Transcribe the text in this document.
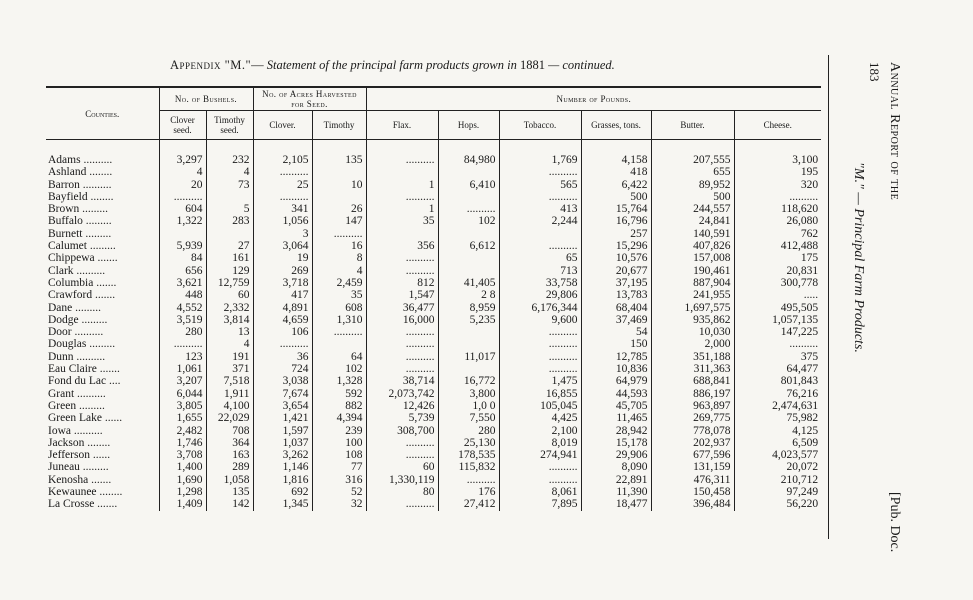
Appendix "M."— Statement of the principal farm products grown in 1881 — continued.
Counties.	No. of Bushels.		No. of Acres Harvested for Seed.		Number of Pounds.					
	Clover seed.	Timothy seed.	Clover.	Timothy	Flax.	Hops.	Tobacco.	Grasses, tons.	Butter.	Cheese.
Adams ..........	3,297	232	2,105	135	..........	84,980	1,769	4,158	207,555	3,100
Ashland ........	4	4	..........				..........	418	655	195
Barron ..........	20	73	25	10	1	6,410	565	6,422	89,952	320
Bayfield ........	..........		..........		..........		..........	500	500	..........
Brown .........	604	5	341	26	1	..........	413	15,764	244,557	118,620
Buffalo .........	1,322	283	1,056	147	35	102	2,244	16,796	24,841	26,080
Burnett .........			3	..........				257	140,591	762
Calumet .........	5,939	27	3,064	16	356	6,612	..........	15,296	407,826	412,488
Chippewa .......	84	161	19	8	..........		65	10,576	157,008	175
Clark ..........	656	129	269	4	..........		713	20,677	190,461	20,831
Columbia .......	3,621	12,759	3,718	2,459	812	41,405	33,758	37,195	887,904	300,778
Crawford .......	448	60	417	35	1,547	2 8	29,806	13,783	241,955	.....
Dane .........	4,552	2,332	4,891	608	36,477	8,959	6,176,344	68,404	1,697,575	495,505
Dodge .........	3,519	3,814	4,659	1,310	16,000	5,235	9,600	37,469	935,862	1,057,135
Door ..........	280	13	106	..........	..........		..........	54	10,030	147,225
Douglas .........	..........	4	..........		..........		..........	150	2,000	..........
Dunn ..........	123	191	36	64	..........	11,017	..........	12,785	351,188	375
Eau Claire .......	1,061	371	724	102	..........		..........	10,836	311,363	64,477
Fond du Lac ....	3,207	7,518	3,038	1,328	38,714	16,772	1,475	64,979	688,841	801,843
Grant ..........	6,044	1,911	7,674	592	2,073,742	3,800	16,855	44,593	886,197	76,216
Green .........	3,805	4,100	3,654	882	12,426	1,0 0	105,045	45,705	963,897	2,474,631
Green Lake ......	1,655	22,029	1,421	4,394	5,739	7,550	4,425	11,465	269,775	75,982
Iowa ..........	2,482	708	1,597	239	308,700	280	2,100	28,942	778,078	4,125
Jackson ........	1,746	364	1,037	100	..........	25,130	8,019	15,178	202,937	6,509
Jefferson ......	3,708	163	3,262	108	..........	178,535	274,941	29,906	677,596	4,023,577
Juneau .........	1,400	289	1,146	77	60	115,832	..........	8,090	131,159	20,072
Kenosha .......	1,690	1,058	1,816	316	1,330,119	..........	..........	22,891	476,311	210,712
Kewaunee ........	1,298	135	692	52	80	176	8,061	11,390	150,458	97,249
La Crosse .......	1,409	142	1,345	32	..........	27,412	7,895	18,477	396,484	56,220
"M." — Principal Farm Products.
183 Annual Report of the
[Pub. Doc.
